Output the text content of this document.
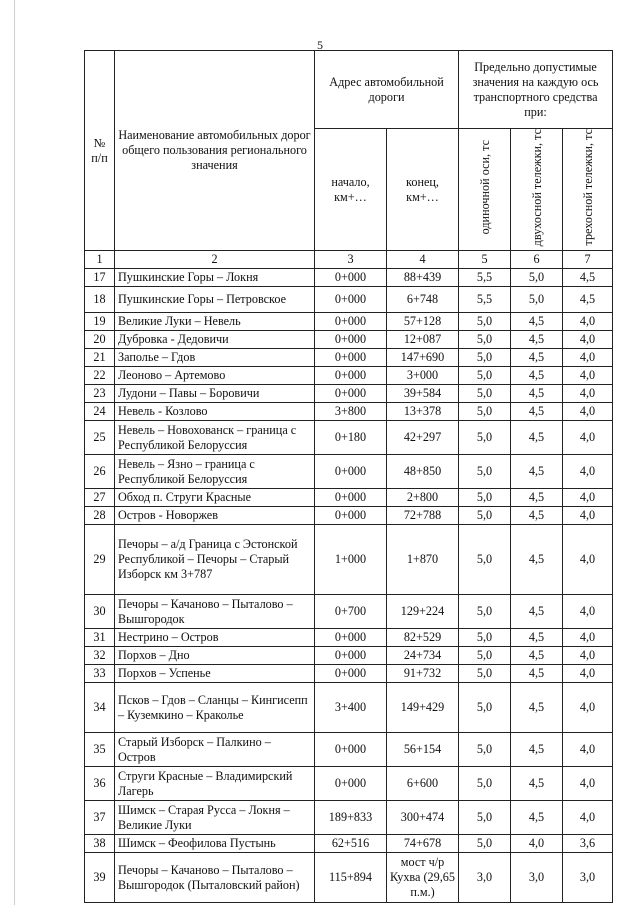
5
№ п/п	Наименование автомобильных дорог общего пользования регионального значения	Адрес автомобильной дороги		Предельно допустимые значения на каждую ось транспортного средства при:		
		начало, км+…	конец, км+…	одиночной оси, тс	двухосной тележки, тс	трехосной тележки, тс
1	2	3	4	5	6	7
17	Пушкинские Горы – Локня	0+000	88+439	5,5	5,0	4,5
18	Пушкинские Горы – Петровское	0+000	6+748	5,5	5,0	4,5
19	Великие Луки – Невель	0+000	57+128	5,0	4,5	4,0
20	Дубровка - Дедовичи	0+000	12+087	5,0	4,5	4,0
21	Заполье – Гдов	0+000	147+690	5,0	4,5	4,0
22	Леоново – Артемово	0+000	3+000	5,0	4,5	4,0
23	Лудони – Павы – Боровичи	0+000	39+584	5,0	4,5	4,0
24	Невель - Козлово	3+800	13+378	5,0	4,5	4,0
25	Невель – Новохованск – граница с Республикой Белоруссия	0+180	42+297	5,0	4,5	4,0
26	Невель – Язно – граница с Республикой Белоруссия	0+000	48+850	5,0	4,5	4,0
27	Обход п. Струги Красные	0+000	2+800	5,0	4,5	4,0
28	Остров - Новоржев	0+000	72+788	5,0	4,5	4,0
29	Печоры – а/д Граница с Эстонской Республикой – Печоры – Старый Изборск км 3+787	1+000	1+870	5,0	4,5	4,0
30	Печоры – Качаново – Пыталово – Вышгородок	0+700	129+224	5,0	4,5	4,0
31	Нестрино – Остров	0+000	82+529	5,0	4,5	4,0
32	Порхов – Дно	0+000	24+734	5,0	4,5	4,0
33	Порхов – Успенье	0+000	91+732	5,0	4,5	4,0
34	Псков – Гдов – Сланцы – Кингисепп – Куземкино – Краколье	3+400	149+429	5,0	4,5	4,0
35	Старый Изборск – Палкино – Остров	0+000	56+154	5,0	4,5	4,0
36	Струги Красные – Владимирский Лагерь	0+000	6+600	5,0	4,5	4,0
37	Шимск – Старая Русса – Локня – Великие Луки	189+833	300+474	5,0	4,5	4,0
38	Шимск – Феофилова Пустынь	62+516	74+678	5,0	4,0	3,6
39	Печоры – Качаново – Пыталово – Вышгородок (Пыталовский район)	115+894	мост ч/р Кухва (29,65 п.м.)	3,0	3,0	3,0
